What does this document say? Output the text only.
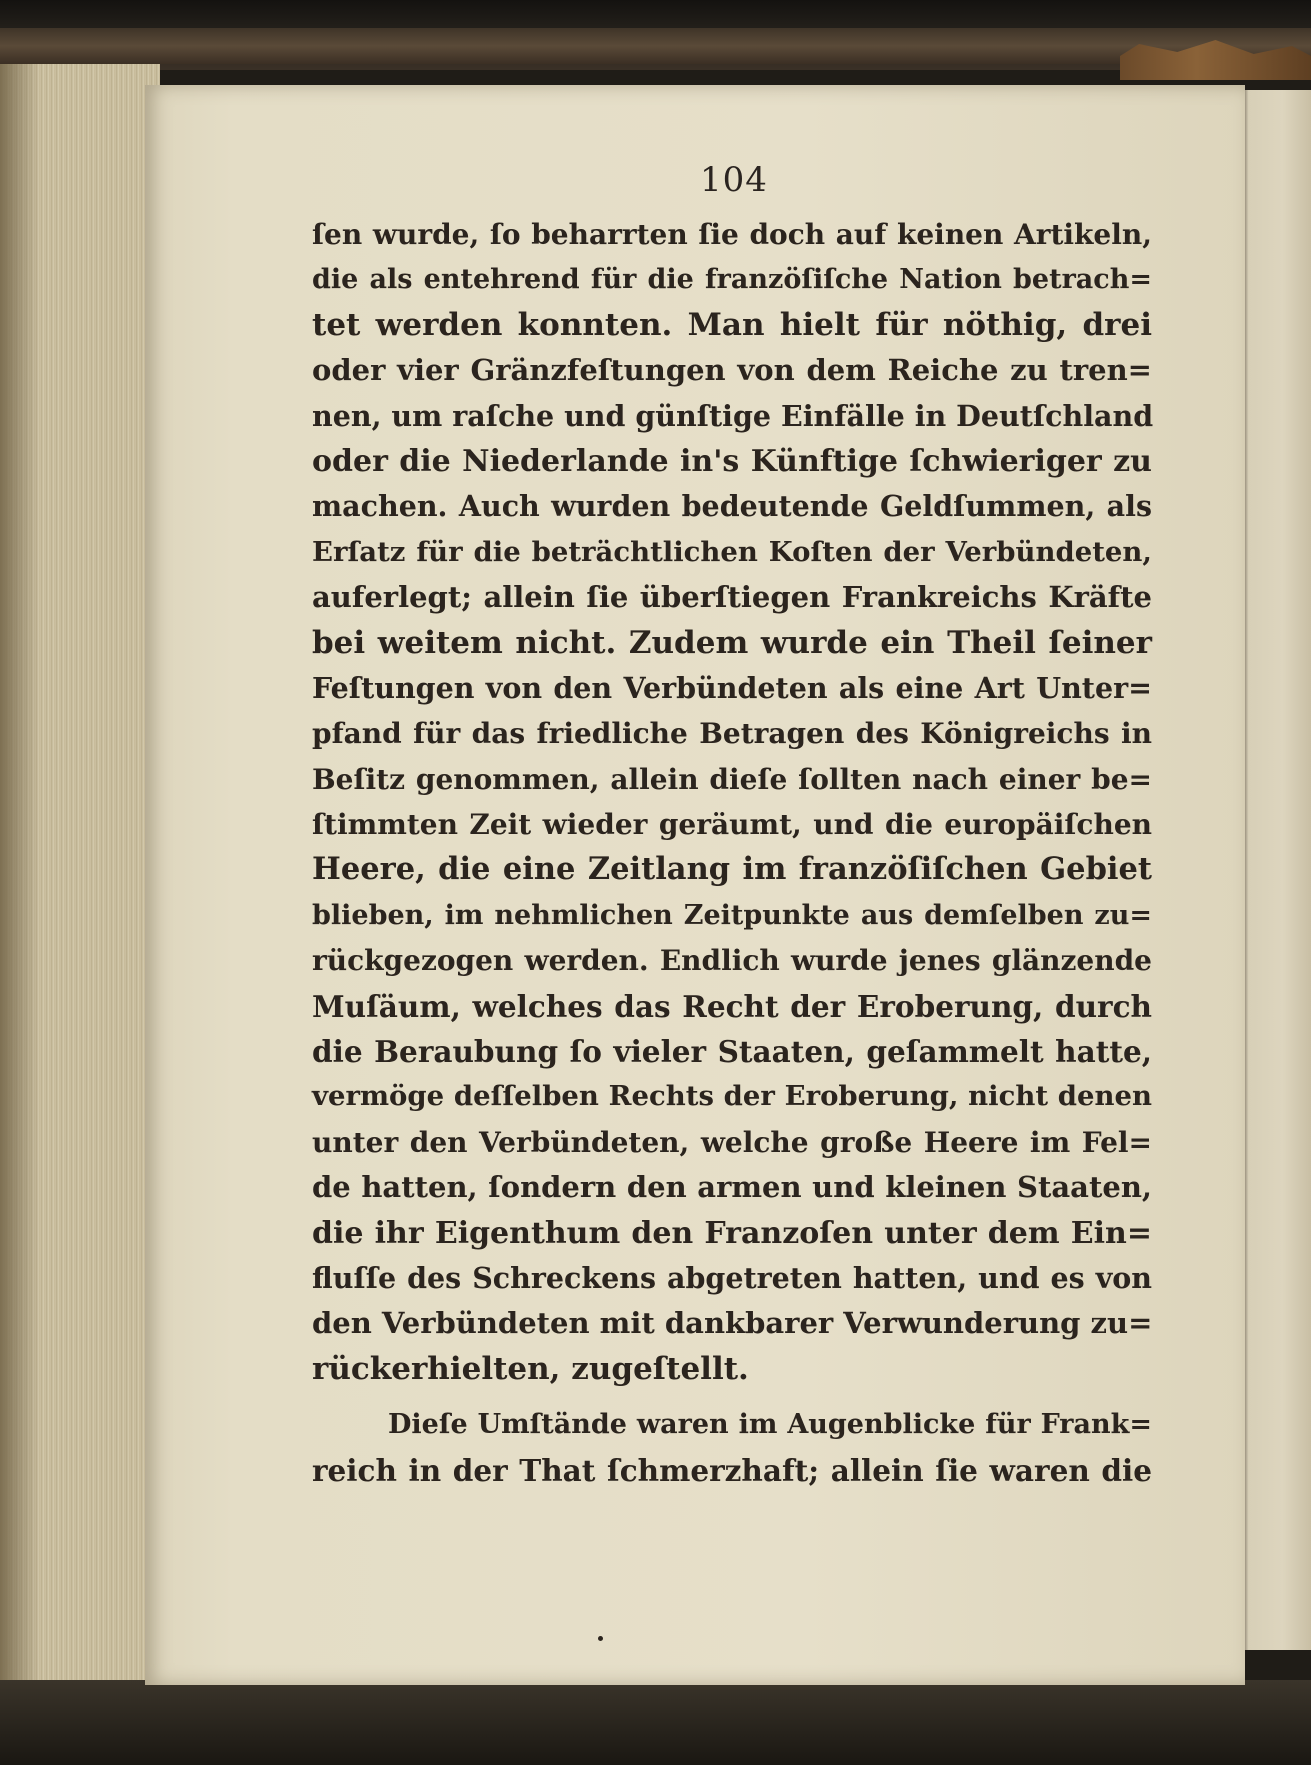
104
ſen wurde, ſo beharrten ſie doch auf keinen Artikeln,
die als entehrend für die franzöſiſche Nation betrach=
tet werden konnten. Man hielt für nöthig, drei
oder vier Gränzfeſtungen von dem Reiche zu tren=
nen, um raſche und günſtige Einfälle in Deutſchland
oder die Niederlande in's Künftige ſchwieriger zu
machen. Auch wurden bedeutende Geldſummen, als
Erſatz für die beträchtlichen Koſten der Verbündeten,
auferlegt; allein ſie überſtiegen Frankreichs Kräfte
bei weitem nicht. Zudem wurde ein Theil ſeiner
Feſtungen von den Verbündeten als eine Art Unter=
pfand für das friedliche Betragen des Königreichs in
Beſitz genommen, allein dieſe ſollten nach einer be=
ſtimmten Zeit wieder geräumt, und die europäiſchen
Heere, die eine Zeitlang im franzöſiſchen Gebiet
blieben, im nehmlichen Zeitpunkte aus demſelben zu=
rückgezogen werden. Endlich wurde jenes glänzende
Muſäum, welches das Recht der Eroberung, durch
die Beraubung ſo vieler Staaten, geſammelt hatte,
vermöge deſſelben Rechts der Eroberung, nicht denen
unter den Verbündeten, welche große Heere im Fel=
de hatten, ſondern den armen und kleinen Staaten,
die ihr Eigenthum den Franzoſen unter dem Ein=
fluſſe des Schreckens abgetreten hatten, und es von
den Verbündeten mit dankbarer Verwunderung zu=
rückerhielten, zugeſtellt.
Dieſe Umſtände waren im Augenblicke für Frank=
reich in der That ſchmerzhaft; allein ſie waren die
